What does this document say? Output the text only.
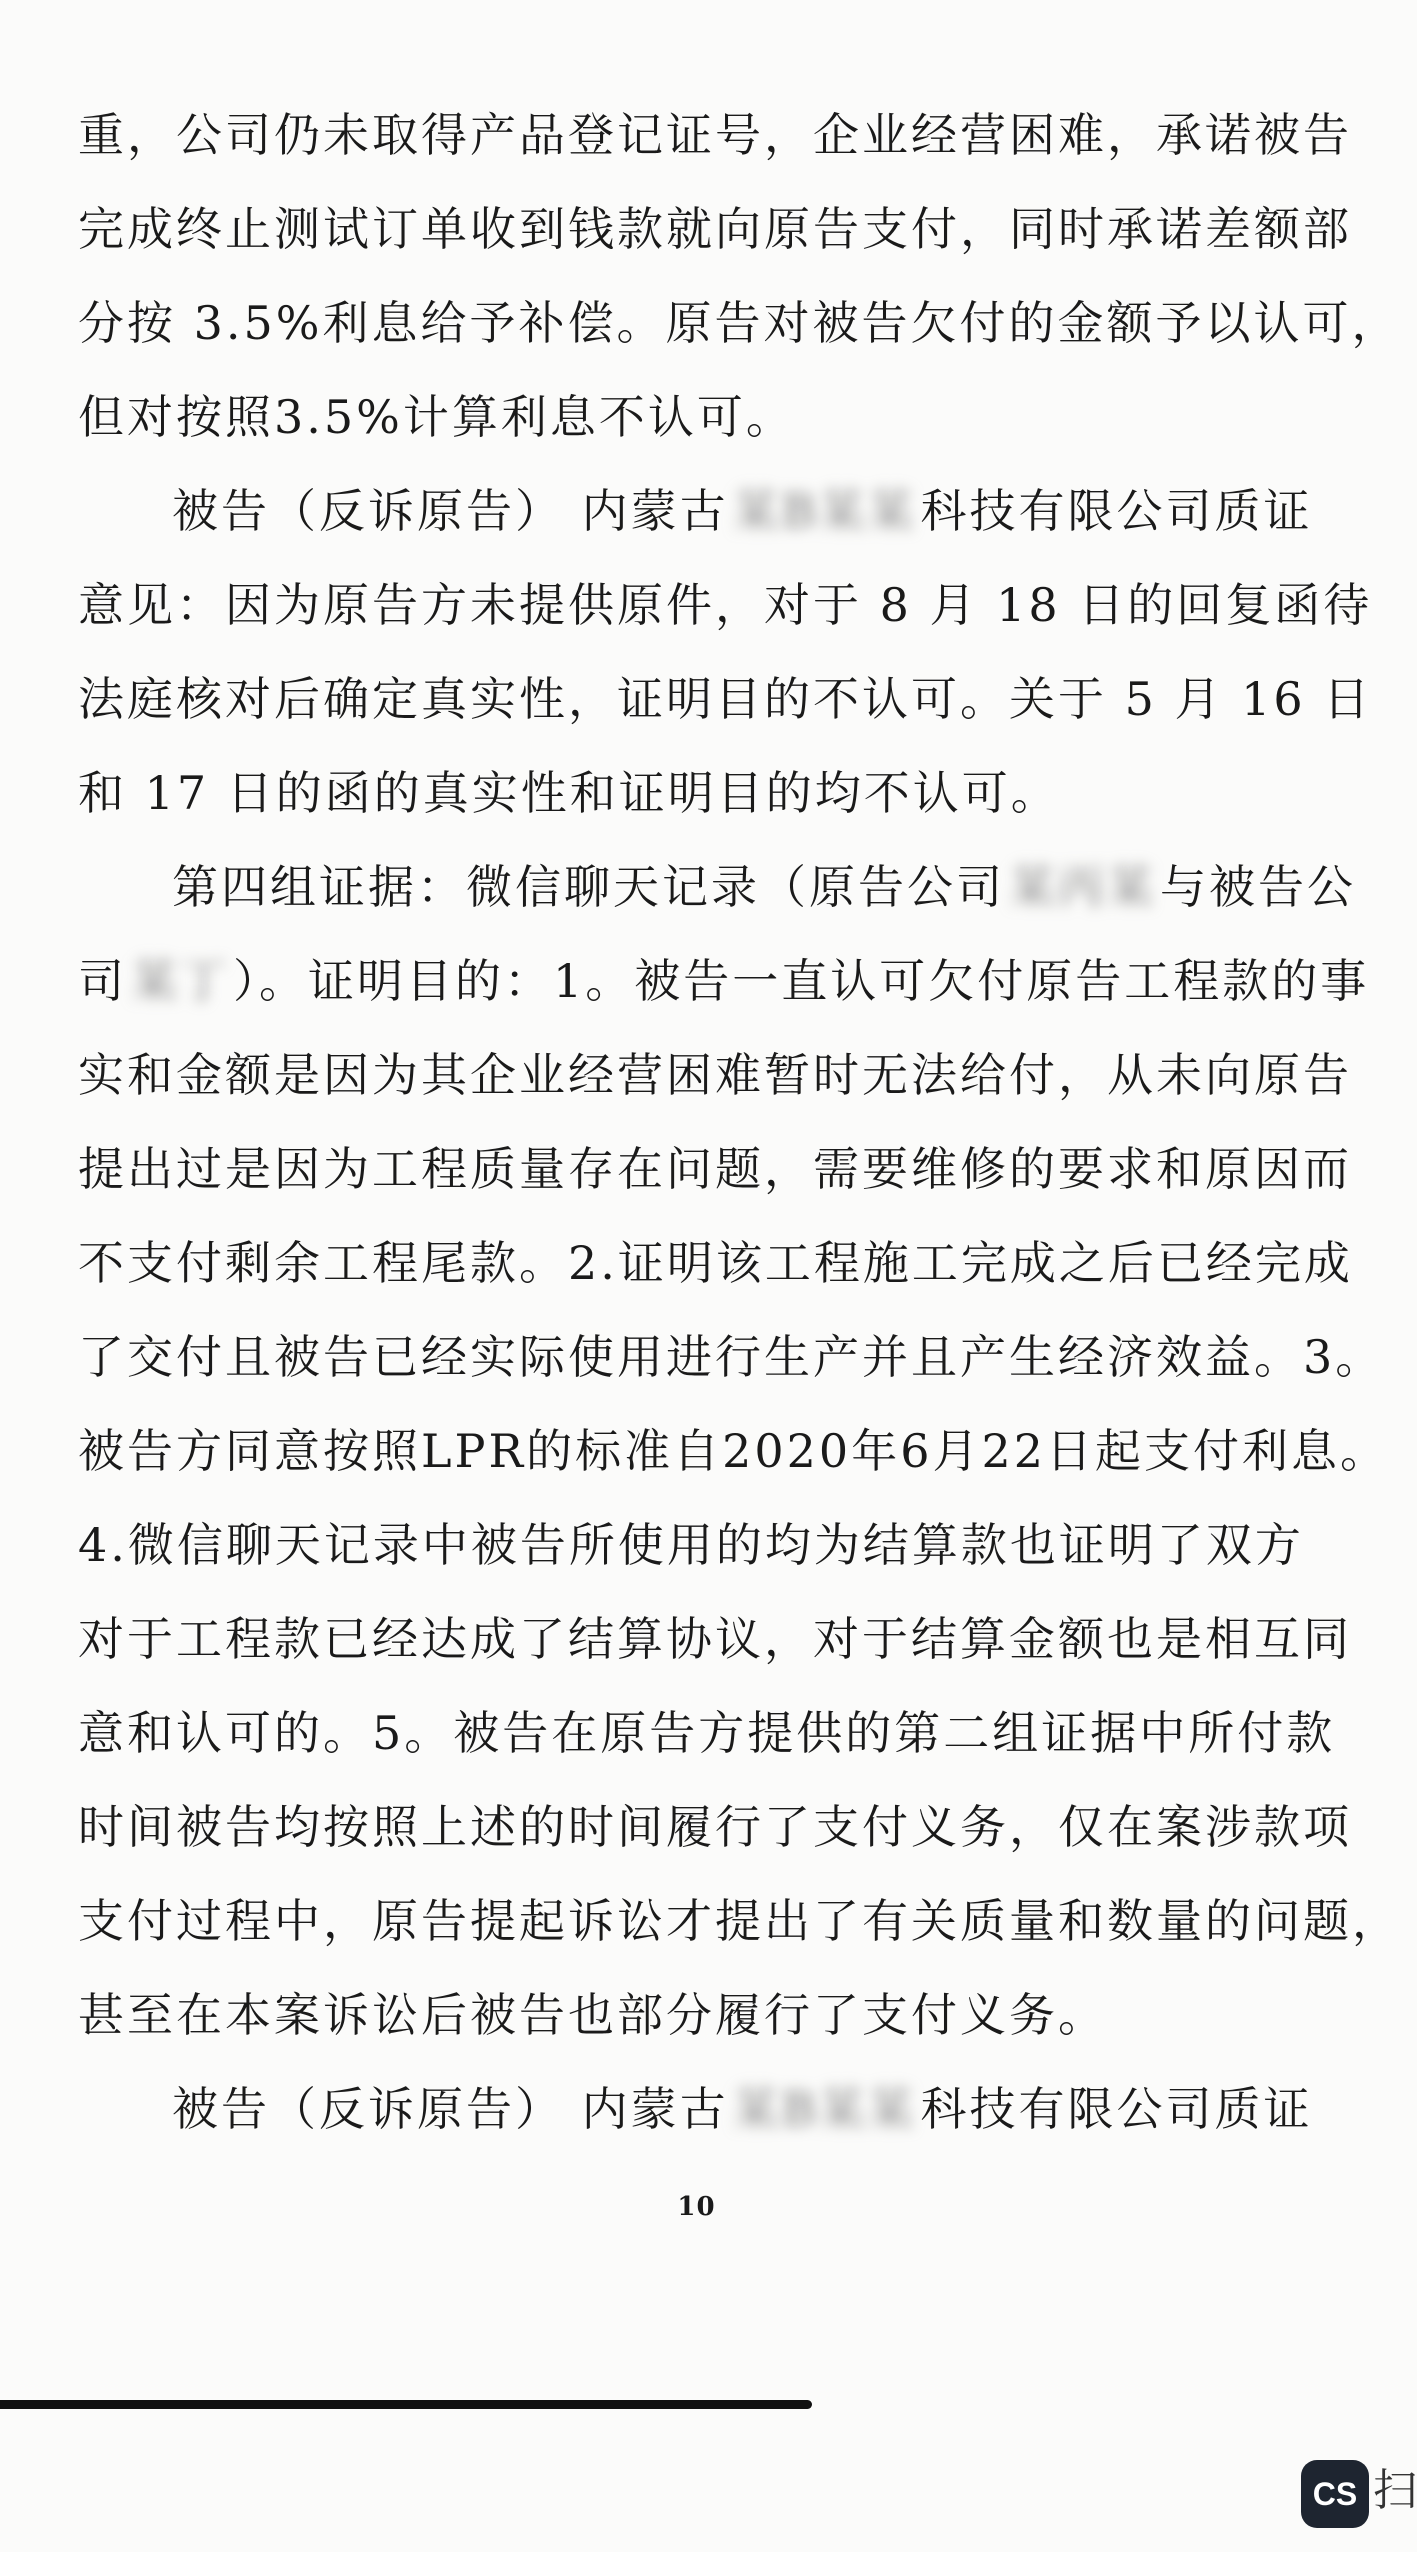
重，公司仍未取得产品登记证号，企业经营困难，承诺被告
完成终止测试订单收到钱款就向原告支付，同时承诺差额部
分按 3.5%利息给予补偿。原告对被告欠付的金额予以认可，
但对按照3.5%计算利息不认可。
被告（反诉原告） 内蒙古某B某某科技有限公司质证
意见：因为原告方未提供原件，对于 8 月 18 日的回复函待
法庭核对后确定真实性，证明目的不认可。关于 5 月 16 日
和 17 日的函的真实性和证明目的均不认可。
第四组证据：微信聊天记录（原告公司某丙某与被告公
司某丁）。证明目的：1。被告一直认可欠付原告工程款的事
实和金额是因为其企业经营困难暂时无法给付，从未向原告
提出过是因为工程质量存在问题，需要维修的要求和原因而
不支付剩余工程尾款。2.证明该工程施工完成之后已经完成
了交付且被告已经实际使用进行生产并且产生经济效益。3。
被告方同意按照LPR的标准自2020年6月22日起支付利息。
4.微信聊天记录中被告所使用的均为结算款也证明了双方
对于工程款已经达成了结算协议，对于结算金额也是相互同
意和认可的。5。被告在原告方提供的第二组证据中所付款
时间被告均按照上述的时间履行了支付义务，仅在案涉款项
支付过程中，原告提起诉讼才提出了有关质量和数量的问题，
甚至在本案诉讼后被告也部分履行了支付义务。
被告（反诉原告） 内蒙古某B某某科技有限公司质证
10
CS 扫
